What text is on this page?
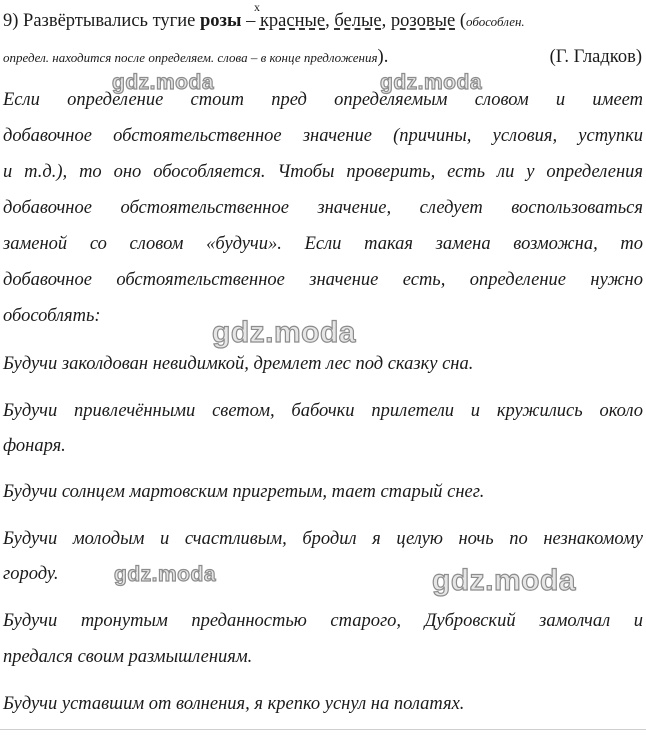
x
9) Развёртывались тугие розы – красные, белые, розовые (обособлен.
определ. находится после определяем. слова – в конце предложения).	(Г. Гладков)
Если определение стоит пред определяемым словом и имеет
добавочное обстоятельственное значение (причины, условия, уступки
и т.д.), то оно обособляется. Чтобы проверить, есть ли у определения
добавочное обстоятельственное значение, следует воспользоваться
заменой со словом «будучи». Если такая замена возможна, то
добавочное обстоятельственное значение есть, определение нужно
обособлять:
Будучи заколдован невидимкой, дремлет лес под сказку сна.
Будучи привлечёнными светом, бабочки прилетели и кружились около
фонаря.
Будучи солнцем мартовским пригретым, тает старый снег.
Будучи молодым и счастливым, бродил я целую ночь по незнакомому
городу.
Будучи тронутым преданностью старого, Дубровский замолчал и
предался своим размышлениям.
Будучи уставшим от волнения, я крепко уснул на полатях.
gdz.moda	gdz.moda
gdz.moda
gdz.moda	gdz.moda
